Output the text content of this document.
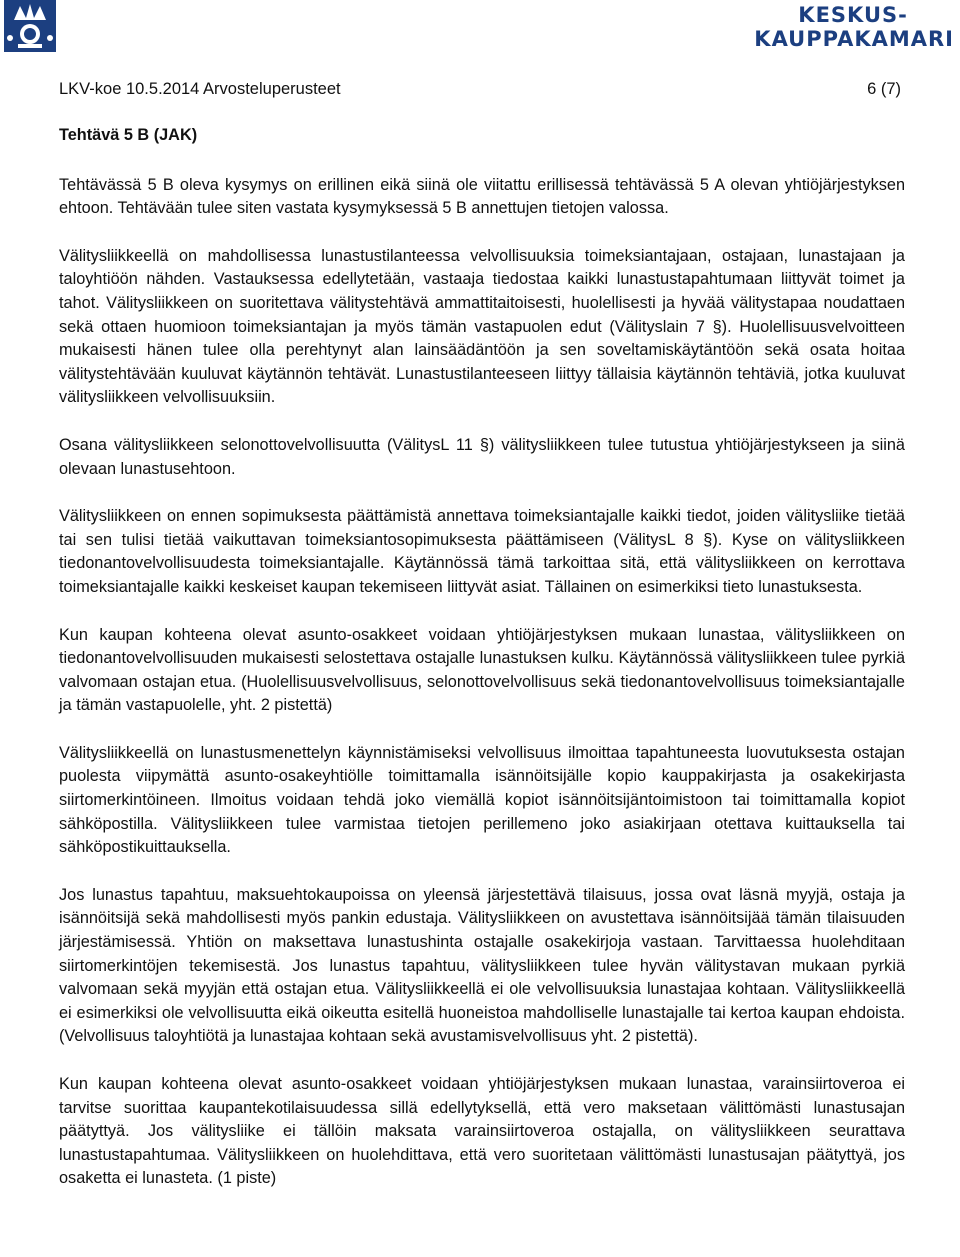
KESKUS-
KAUPPAKAMARI
LKV-koe 10.5.2014 Arvosteluperusteet	6 (7)
Tehtävä 5 B (JAK)

Tehtävässä 5 B oleva kysymys on erillinen eikä siinä ole viitattu erillisessä tehtävässä 5 A olevan yhtiöjärjestyksen ehtoon. Tehtävään tulee siten vastata kysymyksessä 5 B annettujen tietojen valossa.

Välitysliikkeellä on mahdollisessa lunastustilanteessa velvollisuuksia toimeksiantajaan, ostajaan, lunastajaan ja taloyhtiöön nähden. Vastauksessa edellytetään, vastaaja tiedostaa kaikki lunastustapahtumaan liittyvät toimet ja tahot. Välitysliikkeen on suoritettava välitystehtävä ammattitaitoisesti, huolellisesti ja hyvää välitystapaa noudattaen sekä ottaen huomioon toimeksiantajan ja myös tämän vastapuolen edut (Välityslain 7 §). Huolellisuusvelvoitteen mukaisesti hänen tulee olla perehtynyt alan lainsäädäntöön ja sen soveltamiskäytäntöön sekä osata hoitaa välitystehtävään kuuluvat käytännön tehtävät. Lunastustilanteeseen liittyy tällaisia käytännön tehtäviä, jotka kuuluvat välitysliikkeen velvollisuuksiin.

Osana välitysliikkeen selonottovelvollisuutta (VälitysL 11 §) välitysliikkeen tulee tutustua yhtiöjärjestykseen ja siinä olevaan lunastusehtoon.

Välitysliikkeen on ennen sopimuksesta päättämistä annettava toimeksiantajalle kaikki tiedot, joiden välitysliike tietää tai sen tulisi tietää vaikuttavan toimeksiantosopimuksesta päättämiseen (VälitysL 8 §). Kyse on välitysliikkeen tiedonantovelvollisuudesta toimeksiantajalle. Käytännössä tämä tarkoittaa sitä, että välitysliikkeen on kerrottava toimeksiantajalle kaikki keskeiset kaupan tekemiseen liittyvät asiat. Tällainen on esimerkiksi tieto lunastuksesta.

Kun kaupan kohteena olevat asunto-osakkeet voidaan yhtiöjärjestyksen mukaan lunastaa, välitysliikkeen on tiedonantovelvollisuuden mukaisesti selostettava ostajalle lunastuksen kulku. Käytännössä välitysliikkeen tulee pyrkiä valvomaan ostajan etua. (Huolellisuusvelvollisuus, selonottovelvollisuus sekä tiedonantovelvollisuus toimeksiantajalle ja tämän vastapuolelle, yht. 2 pistettä)

Välitysliikkeellä on lunastusmenettelyn käynnistämiseksi velvollisuus ilmoittaa tapahtuneesta luovutuksesta ostajan puolesta viipymättä asunto-osakeyhtiölle toimittamalla isännöitsijälle kopio kauppakirjasta ja osakekirjasta siirtomerkintöineen. Ilmoitus voidaan tehdä joko viemällä kopiot isännöitsijäntoimistoon tai toimittamalla kopiot sähköpostilla. Välitysliikkeen tulee varmistaa tietojen perillemeno joko asiakirjaan otettava kuittauksella tai sähköpostikuittauksella.

Jos lunastus tapahtuu, maksuehtokaupoissa on yleensä järjestettävä tilaisuus, jossa ovat läsnä myyjä, ostaja ja isännöitsijä sekä mahdollisesti myös pankin edustaja. Välitysliikkeen on avustettava isännöitsijää tämän tilaisuuden järjestämisessä. Yhtiön on maksettava lunastushinta ostajalle osakekirjoja vastaan. Tarvittaessa huolehditaan siirtomerkintöjen tekemisestä. Jos lunastus tapahtuu, välitysliikkeen tulee hyvän välitystavan mukaan pyrkiä valvomaan sekä myyjän että ostajan etua. Välitysliikkeellä ei ole velvollisuuksia lunastajaa kohtaan. Välitysliikkeellä ei esimerkiksi ole velvollisuutta eikä oikeutta esitellä huoneistoa mahdolliselle lunastajalle tai kertoa kaupan ehdoista. (Velvollisuus taloyhtiötä ja lunastajaa kohtaan sekä avustamisvelvollisuus yht. 2 pistettä).

Kun kaupan kohteena olevat asunto-osakkeet voidaan yhtiöjärjestyksen mukaan lunastaa, varainsiirtoveroa ei tarvitse suorittaa kaupantekotilaisuudessa sillä edellytyksellä, että vero maksetaan välittömästi lunastusajan päätyttyä. Jos välitysliike ei tällöin maksata varainsiirtoveroa ostajalla, on välitysliikkeen seurattava lunastustapahtumaa. Välitysliikkeen on huolehdittava, että vero suoritetaan välittömästi lunastusajan päätyttyä, jos osaketta ei lunasteta. (1 piste)
